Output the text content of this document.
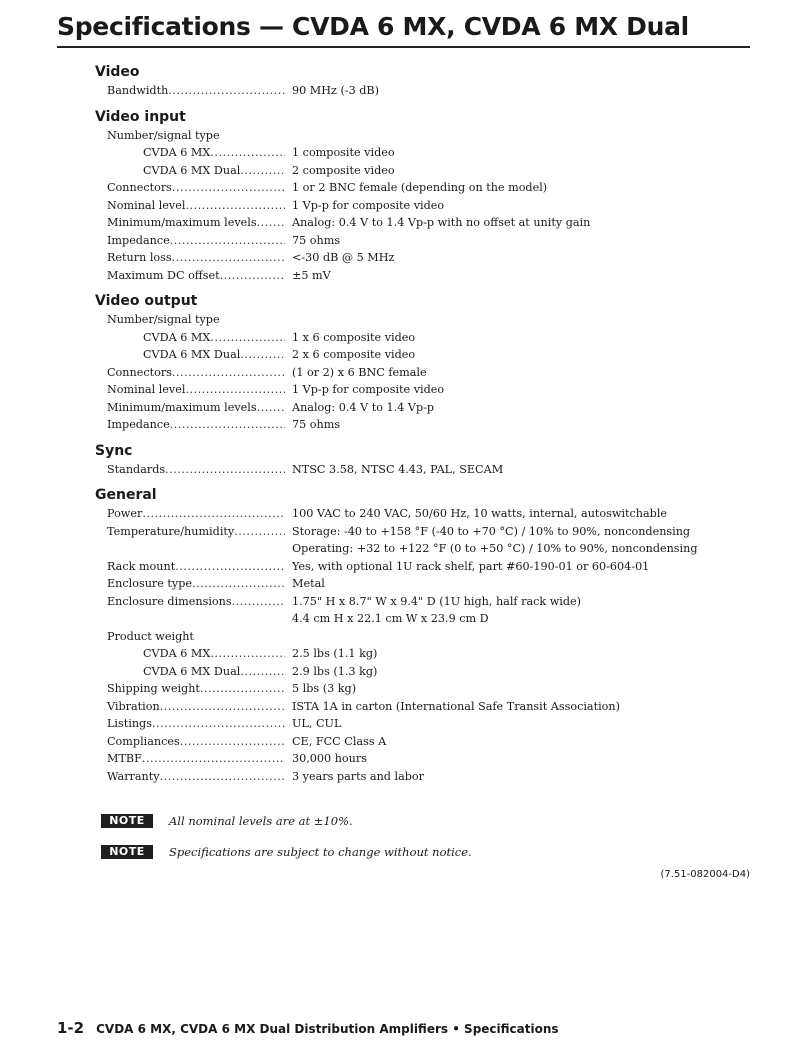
Specifications — CVDA 6 MX, CVDA 6 MX Dual
Video
Bandwidth .....	90 MHz (-3 dB)
Video input
Number/signal type
CVDA 6 MX .....	1 composite video
CVDA 6 MX Dual .....	2 composite video
Connectors .....	1 or 2 BNC female (depending on the model)
Nominal level .....	1 Vp-p for composite video
Minimum/maximum levels .....	Analog: 0.4 V to 1.4 Vp-p with no offset at unity gain
Impedance .....	75 ohms
Return loss .....	<-30 dB @ 5 MHz
Maximum DC offset .....	±5 mV
Video output
Number/signal type
CVDA 6 MX .....	1 x 6 composite video
CVDA 6 MX Dual .....	2 x 6 composite video
Connectors .....	(1 or 2) x 6 BNC female
Nominal level .....	1 Vp-p for composite video
Minimum/maximum levels .....	Analog: 0.4 V to 1.4 Vp-p
Impedance .....	75 ohms
Sync
Standards .....	NTSC 3.58, NTSC 4.43, PAL, SECAM
General
Power .....	100 VAC to 240 VAC, 50/60 Hz, 10 watts, internal, autoswitchable
Temperature/humidity .....	Storage: -40 to +158 °F (-40 to +70 °C) / 10% to 90%, noncondensing
Operating: +32 to +122 °F (0 to +50 °C) / 10% to 90%, noncondensing
Rack mount .....	Yes, with optional 1U rack shelf, part #60-190-01 or 60-604-01
Enclosure type .....	Metal
Enclosure dimensions .....	1.75" H x 8.7" W x 9.4" D (1U high, half rack wide)
4.4 cm H x 22.1 cm W x 23.9 cm D
Product weight
CVDA 6 MX .....	2.5 lbs (1.1 kg)
CVDA 6 MX Dual .....	2.9 lbs (1.3 kg)
Shipping weight .....	5 lbs (3 kg)
Vibration .....	ISTA 1A in carton (International Safe Transit Association)
Listings .....	UL, CUL
Compliances .....	CE, FCC Class A
MTBF .....	30,000 hours
Warranty .....	3 years parts and labor
NOTE	All nominal levels are at ±10%.
NOTE	Specifications are subject to change without notice.
(7.51-082004-D4)
1-2 CVDA 6 MX, CVDA 6 MX Dual Distribution Amplifiers • Specifications
